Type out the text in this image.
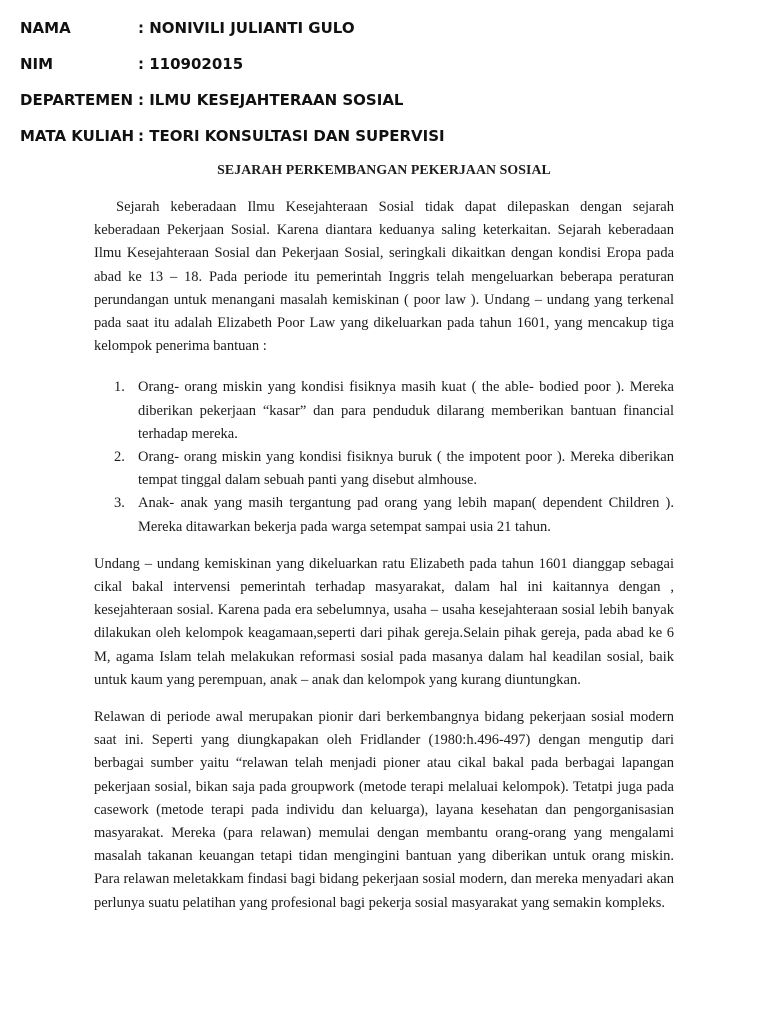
NAMA	: NONIVILI JULIANTI GULO
NIM	: 110902015
DEPARTEMEN : ILMU KESEJAHTERAAN SOSIAL
MATA KULIAH : TEORI KONSULTASI DAN SUPERVISI
SEJARAH PERKEMBANGAN PEKERJAAN SOSIAL

Sejarah keberadaan Ilmu Kesejahteraan Sosial tidak dapat dilepaskan dengan sejarah keberadaan Pekerjaan Sosial. Karena diantara keduanya saling keterkaitan. Sejarah keberadaan Ilmu Kesejahteraan Sosial dan Pekerjaan Sosial, seringkali dikaitkan dengan kondisi Eropa pada abad ke 13 – 18. Pada periode itu pemerintah Inggris telah mengeluarkan beberapa peraturan perundangan untuk menangani masalah kemiskinan ( poor law ). Undang – undang yang terkenal pada saat itu adalah Elizabeth Poor Law yang dikeluarkan pada tahun 1601, yang mencakup tiga kelompok penerima bantuan :

1. Orang- orang miskin yang kondisi fisiknya masih kuat ( the able- bodied poor ). Mereka diberikan pekerjaan “kasar” dan para penduduk dilarang memberikan bantuan financial terhadap mereka.
2. Orang- orang miskin yang kondisi fisiknya buruk ( the impotent poor ). Mereka diberikan tempat tinggal dalam sebuah panti yang disebut almhouse.
3. Anak- anak yang masih tergantung pad orang yang lebih mapan( dependent Children ). Mereka ditawarkan bekerja pada warga setempat sampai usia 21 tahun.

Undang – undang kemiskinan yang dikeluarkan ratu Elizabeth pada tahun 1601 dianggap sebagai cikal bakal intervensi pemerintah terhadap masyarakat, dalam hal ini kaitannya dengan , kesejahteraan sosial. Karena pada era sebelumnya, usaha – usaha kesejahteraan sosial lebih banyak dilakukan oleh kelompok keagamaan,seperti dari pihak gereja.Selain pihak gereja, pada abad ke 6 M, agama Islam telah melakukan reformasi sosial pada masanya dalam hal keadilan sosial, baik untuk kaum yang perempuan, anak – anak dan kelompok yang kurang diuntungkan.

Relawan di periode awal merupakan pionir dari berkembangnya bidang pekerjaan sosial modern saat ini. Seperti yang diungkapakan oleh Fridlander (1980:h.496-497) dengan mengutip dari berbagai sumber yaitu “relawan telah menjadi pioner atau cikal bakal pada berbagai lapangan pekerjaan sosial, bikan saja pada groupwork (metode terapi melaluai kelompok). Tetatpi juga pada casework (metode terapi pada individu dan keluarga), layana kesehatan dan pengorganisasian masyarakat. Mereka (para relawan) memulai dengan membantu orang-orang yang mengalami masalah takanan keuangan tetapi tidan mengingini bantuan yang diberikan untuk orang miskin. Para relawan meletakkam findasi bagi bidang pekerjaan sosial modern, dan mereka menyadari akan perlunya suatu pelatihan yang profesional bagi pekerja sosial masyarakat yang semakin kompleks.
